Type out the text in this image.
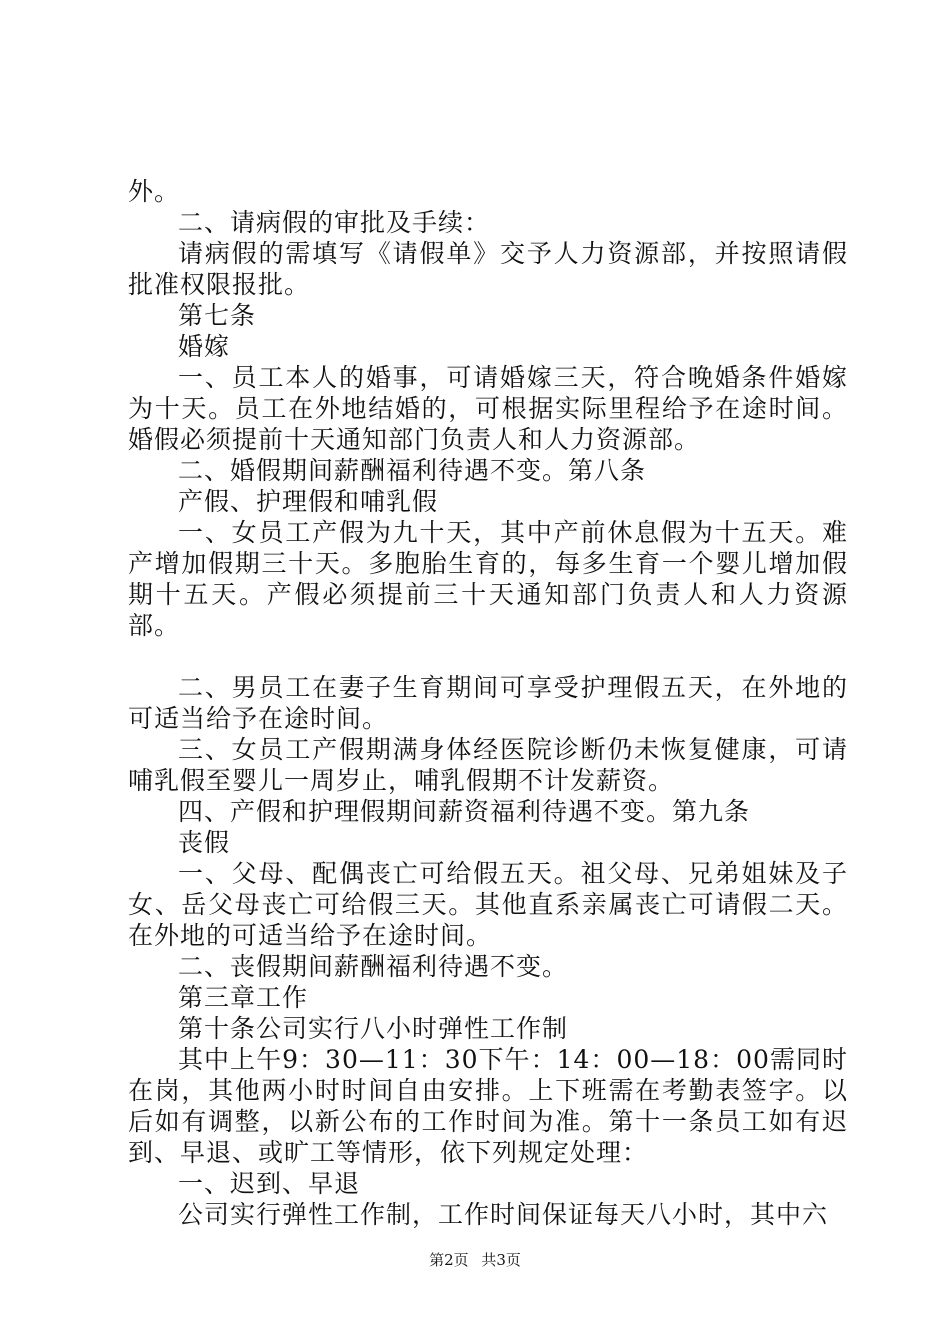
外。

二、请病假的审批及手续：

请病假的需填写《请假单》交予人力资源部，并按照请假批准权限报批。

第七条

婚嫁

一、员工本人的婚事，可请婚嫁三天，符合晚婚条件婚嫁为十天。员工在外地结婚的，可根据实际里程给予在途时间。婚假必须提前十天通知部门负责人和人力资源部。

二、婚假期间薪酬福利待遇不变。第八条

产假、护理假和哺乳假

一、女员工产假为九十天，其中产前休息假为十五天。难产增加假期三十天。多胞胎生育的，每多生育一个婴儿增加假期十五天。产假必须提前三十天通知部门负责人和人力资源部。

二、男员工在妻子生育期间可享受护理假五天，在外地的可适当给予在途时间。

三、女员工产假期满身体经医院诊断仍未恢复健康，可请哺乳假至婴儿一周岁止，哺乳假期不计发薪资。

四、产假和护理假期间薪资福利待遇不变。第九条

丧假

一、父母、配偶丧亡可给假五天。祖父母、兄弟姐妹及子女、岳父母丧亡可给假三天。其他直系亲属丧亡可请假二天。在外地的可适当给予在途时间。

二、丧假期间薪酬福利待遇不变。

第三章工作

第十条公司实行八小时弹性工作制

其中上午9：30—11：30下午：14：00—18：00需同时在岗，其他两小时时间自由安排。上下班需在考勤表签字。以后如有调整，以新公布的工作时间为准。第十一条员工如有迟到、早退、或旷工等情形，依下列规定处理：

一、迟到、早退

公司实行弹性工作制，工作时间保证每天八小时，其中六

第2页 共3页
